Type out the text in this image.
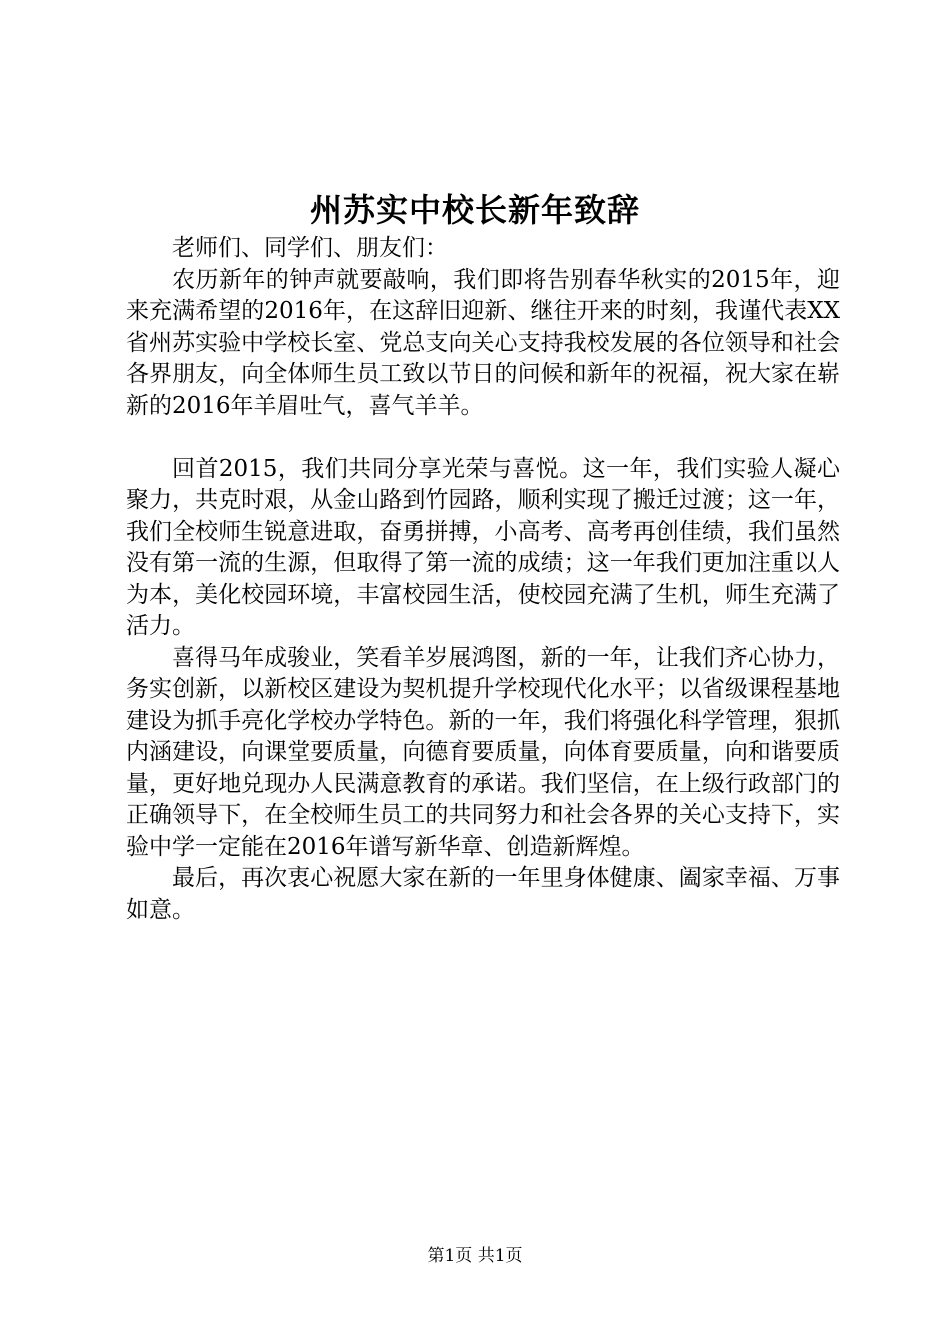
州苏实中校长新年致辞

老师们、同学们、朋友们：

农历新年的钟声就要敲响，我们即将告别春华秋实的2015年，迎来充满希望的2016年，在这辞旧迎新、继往开来的时刻，我谨代表XX省州苏实验中学校长室、党总支向关心支持我校发展的各位领导和社会各界朋友，向全体师生员工致以节日的问候和新年的祝福，祝大家在崭新的2016年羊眉吐气，喜气羊羊。

回首2015，我们共同分享光荣与喜悦。这一年，我们实验人凝心聚力，共克时艰，从金山路到竹园路，顺利实现了搬迁过渡；这一年，我们全校师生锐意进取，奋勇拼搏，小高考、高考再创佳绩，我们虽然没有第一流的生源，但取得了第一流的成绩；这一年我们更加注重以人为本，美化校园环境，丰富校园生活，使校园充满了生机，师生充满了活力。

喜得马年成骏业，笑看羊岁展鸿图，新的一年，让我们齐心协力，务实创新，以新校区建设为契机提升学校现代化水平；以省级课程基地建设为抓手亮化学校办学特色。新的一年，我们将强化科学管理，狠抓内涵建设，向课堂要质量，向德育要质量，向体育要质量，向和谐要质量，更好地兑现办人民满意教育的承诺。我们坚信，在上级行政部门的正确领导下，在全校师生员工的共同努力和社会各界的关心支持下，实验中学一定能在2016年谱写新华章、创造新辉煌。

最后，再次衷心祝愿大家在新的一年里身体健康、阖家幸福、万事如意。

第1页 共1页
